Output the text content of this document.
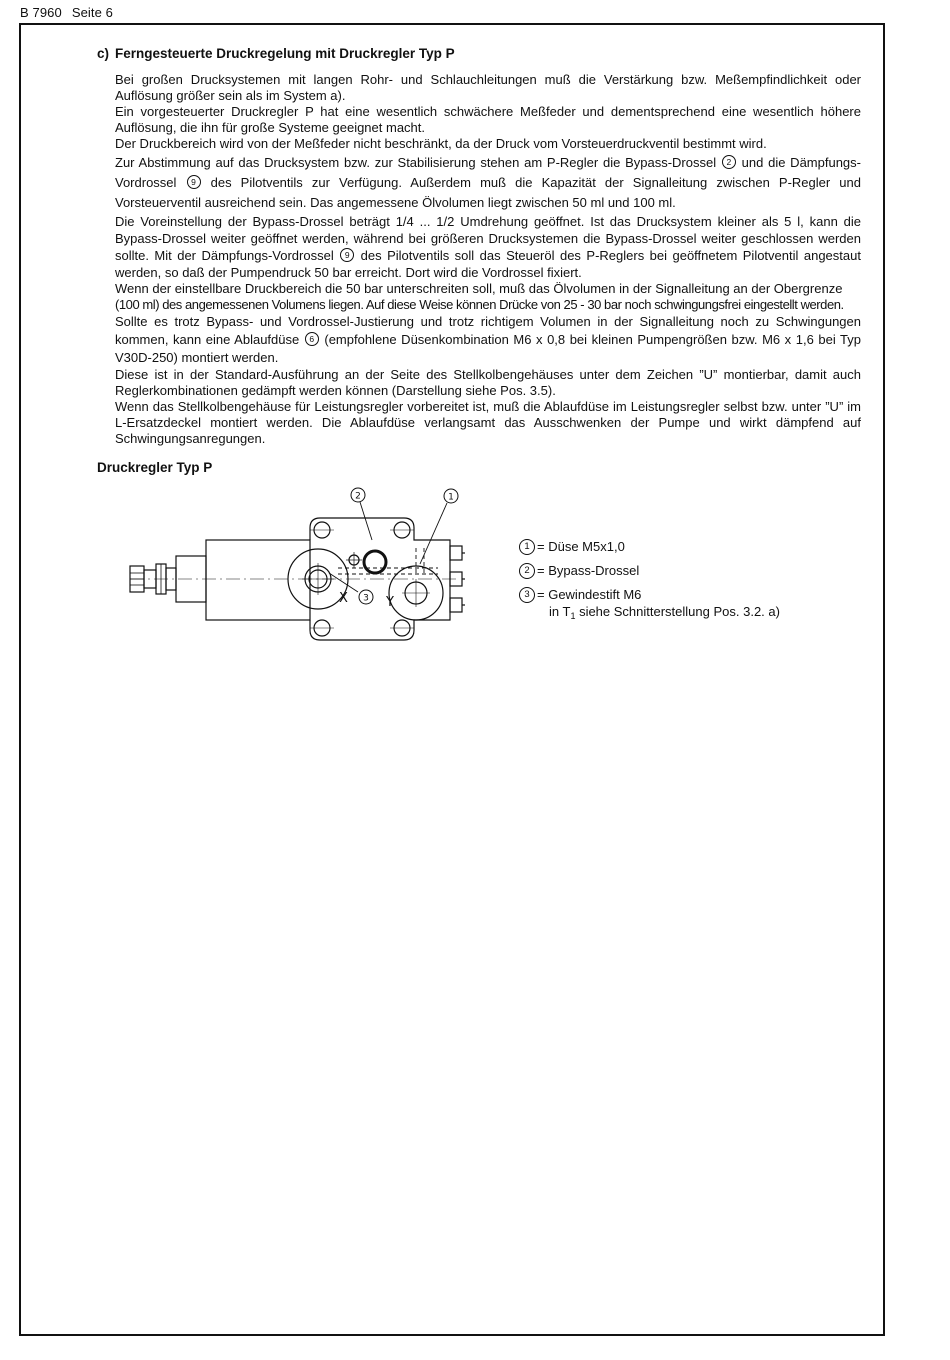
B 7960 Seite 6
c) Ferngesteuerte Druckregelung mit Druckregler Typ P

Bei großen Drucksystemen mit langen Rohr- und Schlauchleitungen muß die Verstärkung bzw. Meßempfindlichkeit oder Auflösung größer sein als im System a).

Ein vorgesteuerter Druckregler P hat eine wesentlich schwächere Meßfeder und dementsprechend eine wesentlich höhere Auflösung, die ihn für große Systeme geeignet macht.

Der Druckbereich wird von der Meßfeder nicht beschränkt, da der Druck vom Vorsteuerdruckventil bestimmt wird.

Zur Abstimmung auf das Drucksystem bzw. zur Stabilisierung stehen am P-Regler die Bypass-Drossel 2 und die Dämpfungs-Vordrossel 9 des Pilotventils zur Verfügung. Außerdem muß die Kapazität der Signalleitung zwischen P-Regler und Vorsteuerventil ausreichend sein. Das angemessene Ölvolumen liegt zwischen 50 ml und 100 ml.

Die Voreinstellung der Bypass-Drossel beträgt 1/4 ... 1/2 Umdrehung geöffnet. Ist das Drucksystem kleiner als 5 l, kann die Bypass-Drossel weiter geöffnet werden, während bei größeren Drucksystemen die Bypass-Drossel weiter geschlossen werden sollte. Mit der Dämpfungs-Vordrossel 9 des Pilotventils soll das Steueröl des P-Reglers bei geöffnetem Pilotventil angestaut werden, so daß der Pumpendruck 50 bar erreicht. Dort wird die Vordrossel fixiert.

Wenn der einstellbare Druckbereich die 50 bar unterschreiten soll, muß das Ölvolumen in der Signalleitung an der Obergrenze

(100 ml) des angemessenen Volumens liegen. Auf diese Weise können Drücke von 25 - 30 bar noch schwingungsfrei eingestellt werden.

Sollte es trotz Bypass- und Vordrossel-Justierung und trotz richtigem Volumen in der Signalleitung noch zu Schwingungen kommen, kann eine Ablaufdüse 6 (empfohlene Düsenkombination M6 x 0,8 bei kleinen Pumpengrößen bzw. M6 x 1,6 bei Typ V30D-250) montiert werden.

Diese ist in der Standard-Ausführung an der Seite des Stellkolbengehäuses unter dem Zeichen ”U” montierbar, damit auch Reglerkombinationen gedämpft werden können (Darstellung siehe Pos. 3.5).

Wenn das Stellkolbengehäuse für Leistungsregler vorbereitet ist, muß die Ablaufdüse im Leistungsregler selbst bzw. unter ”U” im L-Ersatzdeckel montiert werden. Die Ablaufdüse verlangsamt das Ausschwenken der Pumpe und wirkt dämpfend auf Schwingungsanregungen.

Druckregler Typ P
2	1
3
X	Y
1 = Düse M5x1,0
2 = Bypass-Drossel
3 = Gewindestift M6
in $T_1$ siehe Schnitterstellung Pos. 3.2. a)
